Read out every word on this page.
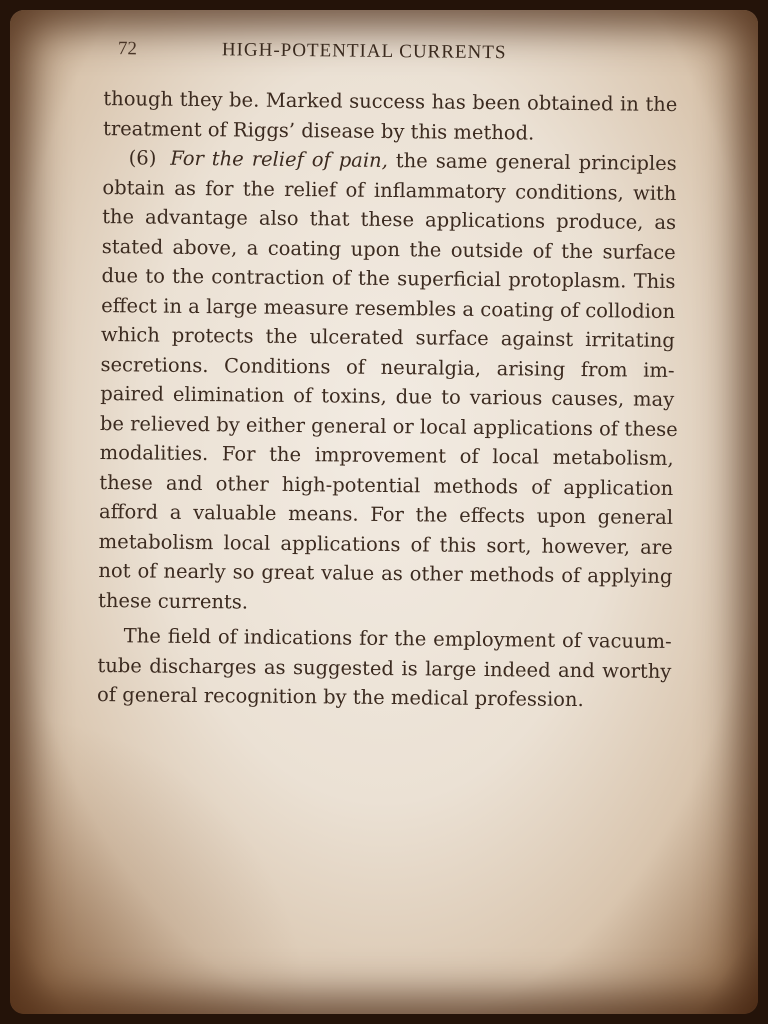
72	HIGH-POTENTIAL CURRENTS
though they be. Marked success has been obtained in the
treatment of Riggs’ disease by this method.
(6) For the relief of pain, the same general principles
obtain as for the relief of inflammatory conditions, with
the advantage also that these applications produce, as
stated above, a coating upon the outside of the surface
due to the contraction of the superficial protoplasm. This
effect in a large measure resembles a coating of collodion
which protects the ulcerated surface against irritating
secretions. Conditions of neuralgia, arising from im-
paired elimination of toxins, due to various causes, may
be relieved by either general or local applications of these
modalities. For the improvement of local metabolism,
these and other high-potential methods of application
afford a valuable means. For the effects upon general
metabolism local applications of this sort, however, are
not of nearly so great value as other methods of applying
these currents.
The field of indications for the employment of vacuum-
tube discharges as suggested is large indeed and worthy
of general recognition by the medical profession.
